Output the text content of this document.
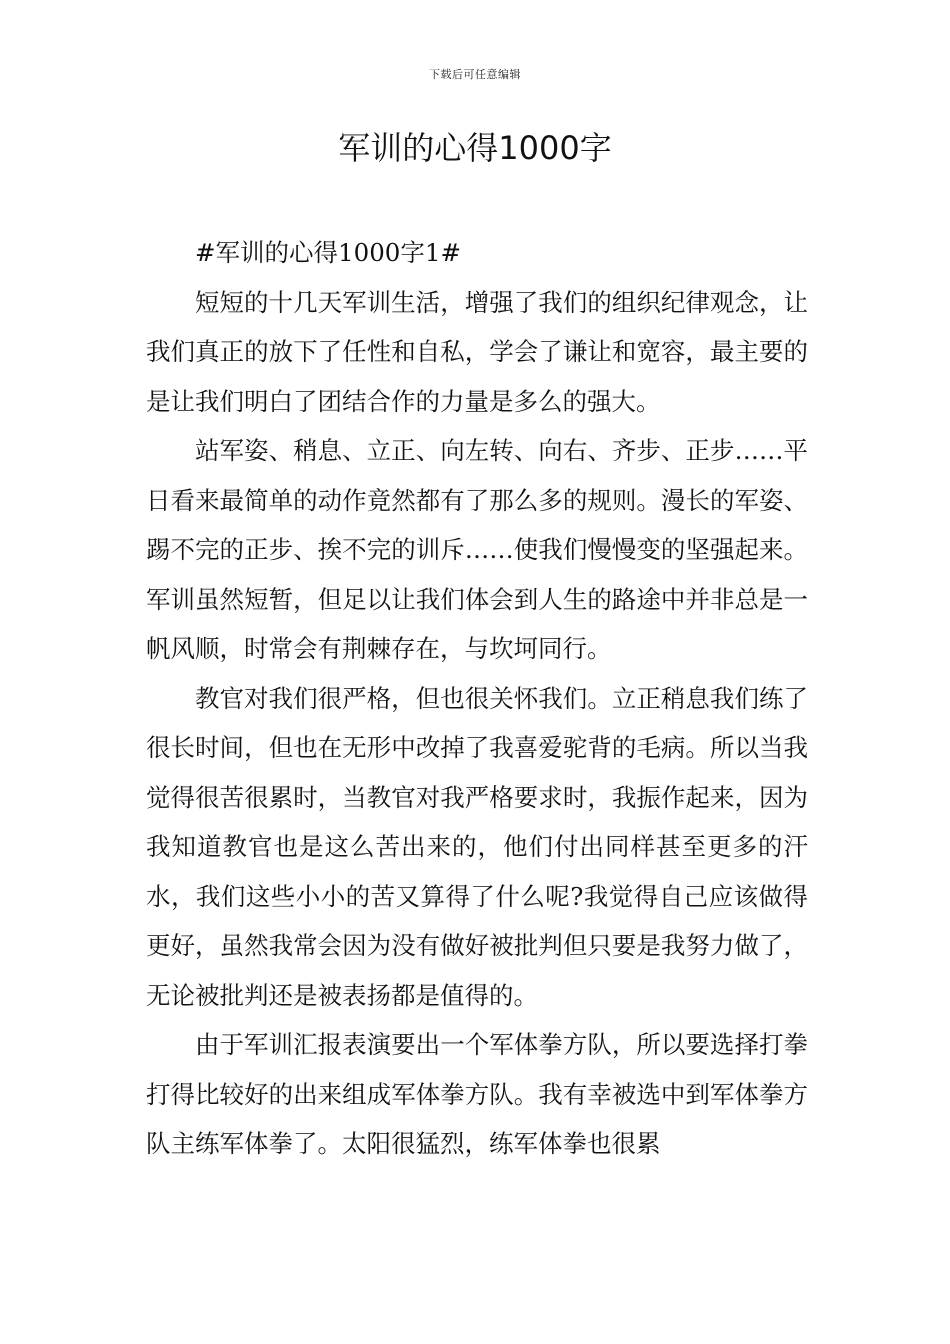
下载后可任意编辑
军训的心得1000字

#军训的心得1000字1#

短短的十几天军训生活，增强了我们的组织纪律观念，让我们真正的放下了任性和自私，学会了谦让和宽容，最主要的是让我们明白了团结合作的力量是多么的强大。

站军姿、稍息、立正、向左转、向右、齐步、正步……平日看来最简单的动作竟然都有了那么多的规则。漫长的军姿、踢不完的正步、挨不完的训斥……使我们慢慢变的坚强起来。军训虽然短暂，但足以让我们体会到人生的路途中并非总是一帆风顺，时常会有荆棘存在，与坎坷同行。

教官对我们很严格，但也很关怀我们。立正稍息我们练了很长时间，但也在无形中改掉了我喜爱驼背的毛病。所以当我觉得很苦很累时，当教官对我严格要求时，我振作起来，因为我知道教官也是这么苦出来的，他们付出同样甚至更多的汗水，我们这些小小的苦又算得了什么呢?我觉得自己应该做得更好，虽然我常会因为没有做好被批判但只要是我努力做了，无论被批判还是被表扬都是值得的。

由于军训汇报表演要出一个军体拳方队，所以要选择打拳打得比较好的出来组成军体拳方队。我有幸被选中到军体拳方队主练军体拳了。太阳很猛烈，练军体拳也很累
